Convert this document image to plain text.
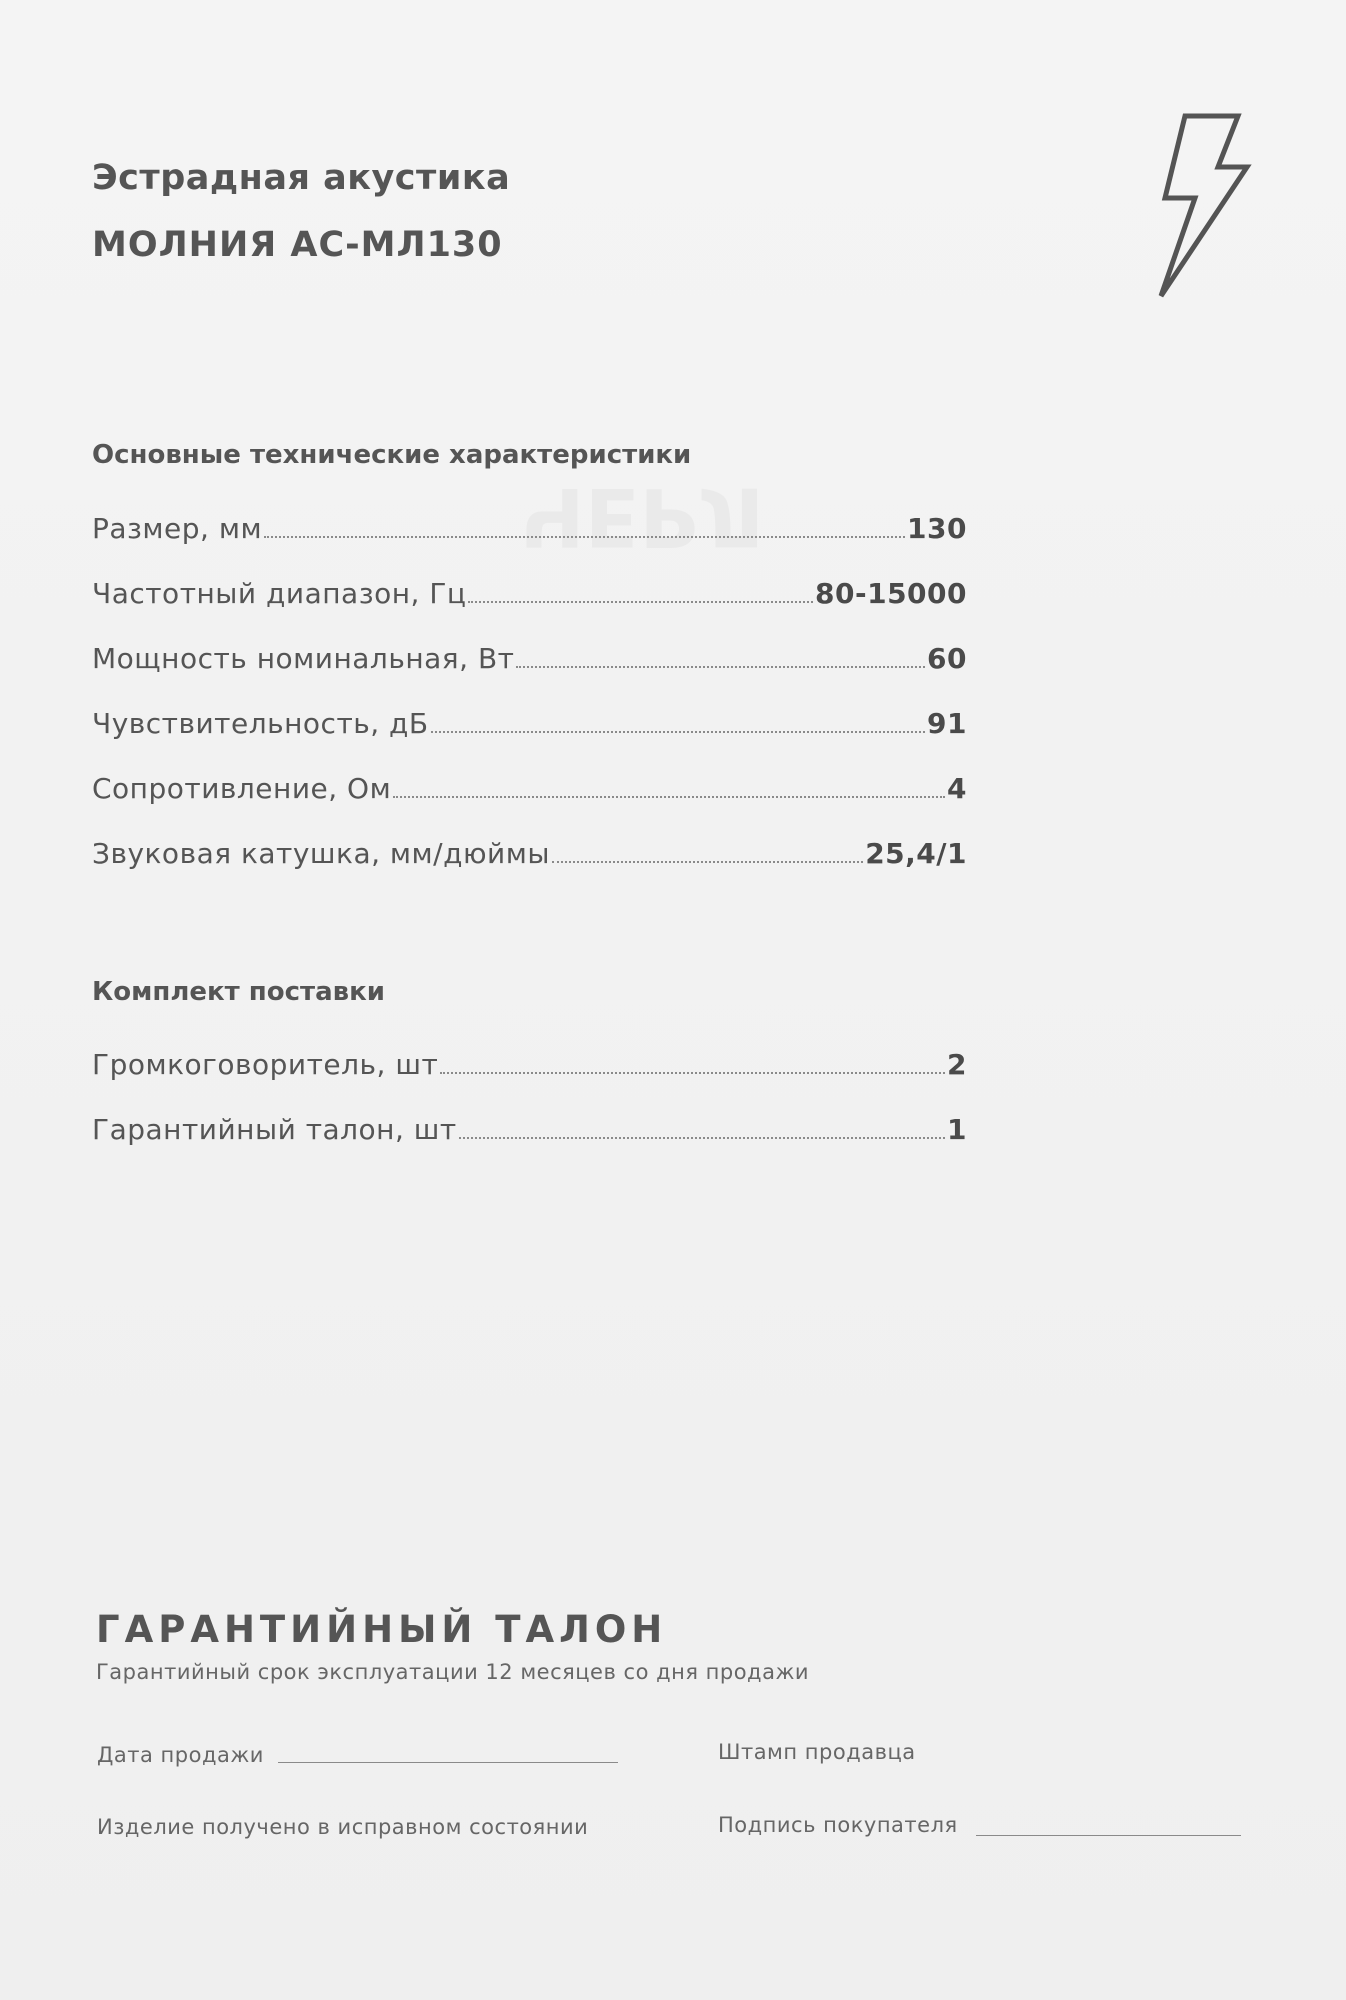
ЧЕРЛ
Эстрадная акустика
МОЛНИЯ АС-МЛ130
Основные технические характеристики
Размер, мм	130
Частотный диапазон, Гц	80-15000
Мощность номинальная, Вт	60
Чувствительность, дБ	91
Сопротивление, Ом	4
Звуковая катушка, мм/дюймы	25,4/1
Комплект поставки
Громкоговоритель, шт	2
Гарантийный талон, шт	1
ГАРАНТИЙНЫЙ ТАЛОН
Гарантийный срок эксплуатации 12 месяцев со дня продажи
Дата продажи	Штамп продавца
Изделие получено в исправном состоянии	Подпись покупателя
